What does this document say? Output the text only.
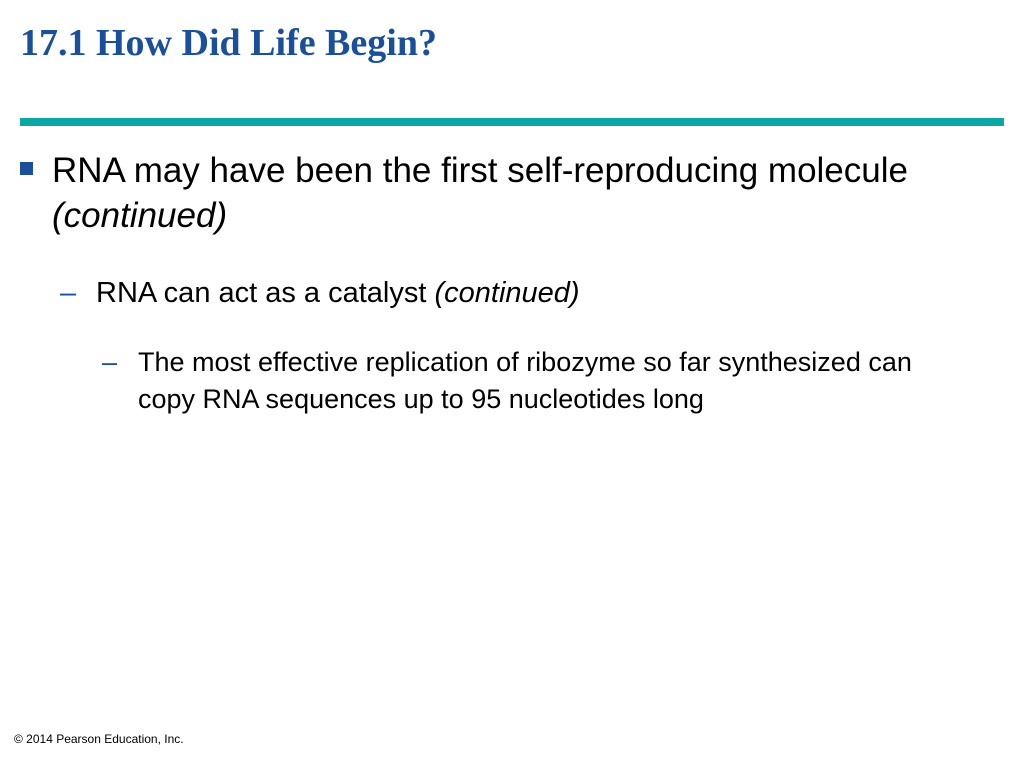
17.1 How Did Life Begin?
RNA may have been the first self-reproducing molecule (continued)
– RNA can act as a catalyst (continued)
– The most effective replication of ribozyme so far synthesized can copy RNA sequences up to 95 nucleotides long
© 2014 Pearson Education, Inc.
